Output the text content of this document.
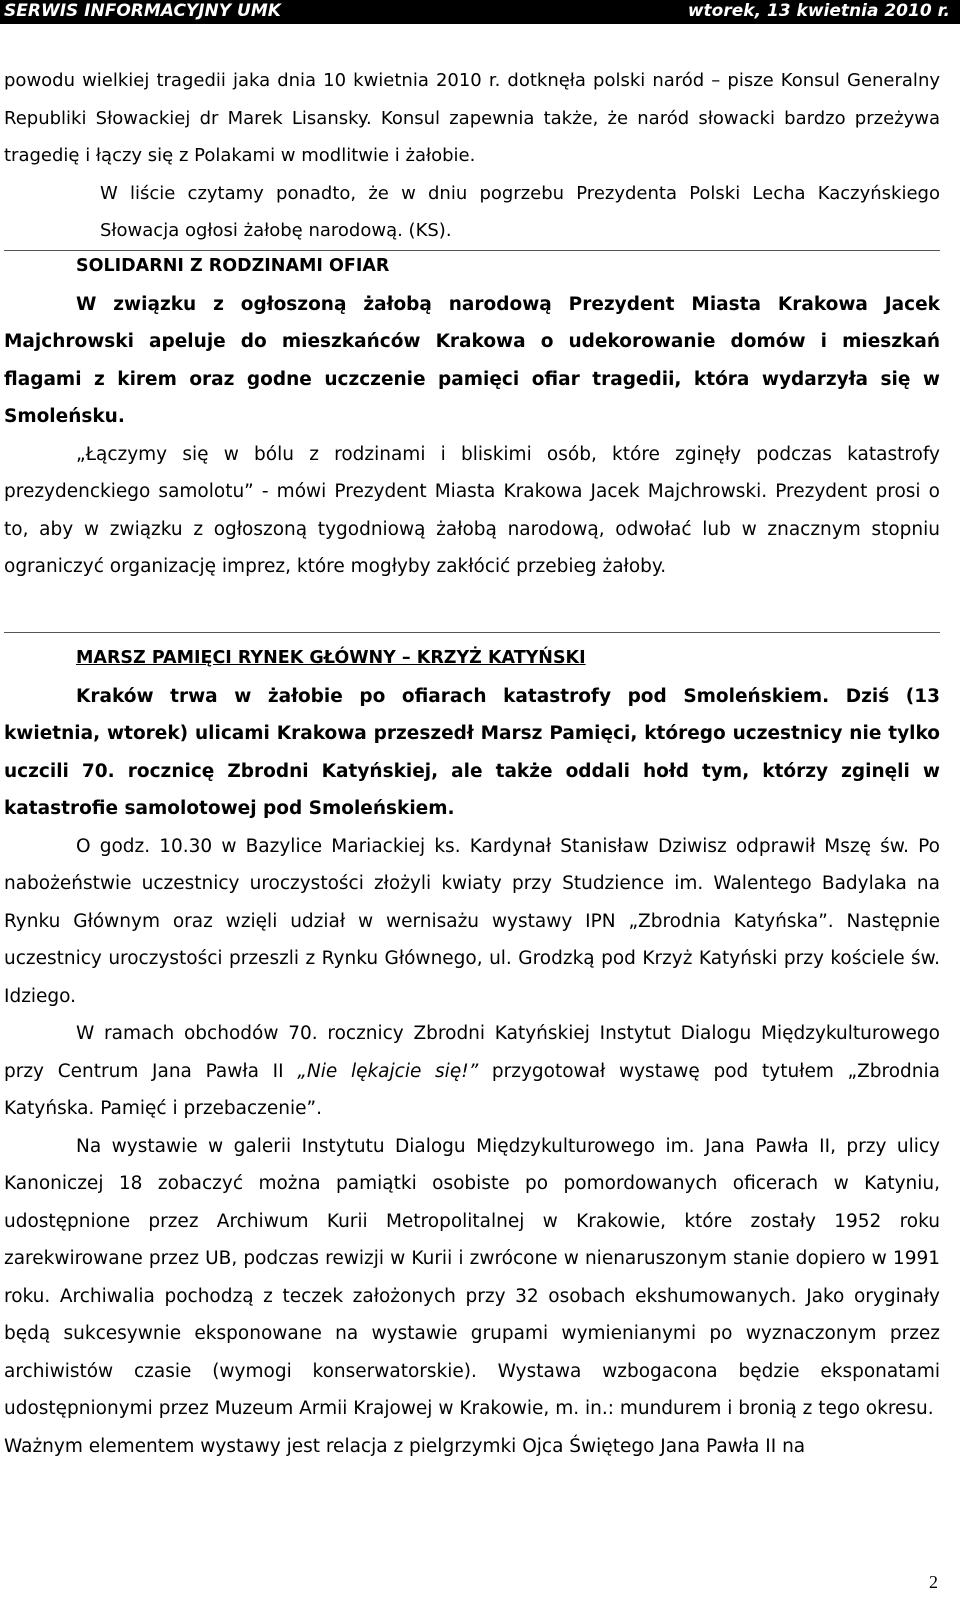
SERWIS INFORMACYJNY UMK	wtorek, 13 kwietnia 2010 r.

powodu wielkiej tragedii jaka dnia 10 kwietnia 2010 r. dotknęła polski naród – pisze Konsul Generalny Republiki Słowackiej dr Marek Lisansky. Konsul zapewnia także, że naród słowacki bardzo przeżywa tragedię i łączy się z Polakami w modlitwie i żałobie.

W liście czytamy ponadto, że w dniu pogrzebu Prezydenta Polski Lecha Kaczyńskiego Słowacja ogłosi żałobę narodową. (KS).

SOLIDARNI Z RODZINAMI OFIAR

W związku z ogłoszoną żałobą narodową Prezydent Miasta Krakowa Jacek Majchrowski apeluje do mieszkańców Krakowa o udekorowanie domów i mieszkań flagami z kirem oraz godne uczczenie pamięci ofiar tragedii, która wydarzyła się w Smoleńsku.

„Łączymy się w bólu z rodzinami i bliskimi osób, które zginęły podczas katastrofy prezydenckiego samolotu” - mówi Prezydent Miasta Krakowa Jacek Majchrowski. Prezydent prosi o to, aby w związku z ogłoszoną tygodniową żałobą narodową, odwołać lub w znacznym stopniu ograniczyć organizację imprez, które mogłyby zakłócić przebieg żałoby.

MARSZ PAMIĘCI RYNEK GŁÓWNY – KRZYŻ KATYŃSKI

Kraków trwa w żałobie po ofiarach katastrofy pod Smoleńskiem. Dziś (13 kwietnia, wtorek) ulicami Krakowa przeszedł Marsz Pamięci, którego uczestnicy nie tylko uczcili 70. rocznicę Zbrodni Katyńskiej, ale także oddali hołd tym, którzy zginęli w katastrofie samolotowej pod Smoleńskiem.

O godz. 10.30 w Bazylice Mariackiej ks. Kardynał Stanisław Dziwisz odprawił Mszę św. Po nabożeństwie uczestnicy uroczystości złożyli kwiaty przy Studzience im. Walentego Badylaka na Rynku Głównym oraz wzięli udział w wernisażu wystawy IPN „Zbrodnia Katyńska”. Następnie uczestnicy uroczystości przeszli z Rynku Głównego, ul. Grodzką pod Krzyż Katyński przy kościele św. Idziego.

W ramach obchodów 70. rocznicy Zbrodni Katyńskiej Instytut Dialogu Międzykulturowego przy Centrum Jana Pawła II „Nie lękajcie się!” przygotował wystawę pod tytułem „Zbrodnia Katyńska. Pamięć i przebaczenie”.

Na wystawie w galerii Instytutu Dialogu Międzykulturowego im. Jana Pawła II, przy ulicy Kanoniczej 18 zobaczyć można pamiątki osobiste po pomordowanych oficerach w Katyniu, udostępnione przez Archiwum Kurii Metropolitalnej w Krakowie, które zostały 1952 roku zarekwirowane przez UB, podczas rewizji w Kurii i zwrócone w nienaruszonym stanie dopiero w 1991 roku. Archiwalia pochodzą z teczek założonych przy 32 osobach ekshumowanych. Jako oryginały będą sukcesywnie eksponowane na wystawie grupami wymienianymi po wyznaczonym przez archiwistów czasie (wymogi konserwatorskie). Wystawa wzbogacona będzie eksponatami udostępnionymi przez Muzeum Armii Krajowej w Krakowie, m. in.: mundurem i bronią z tego okresu.

Ważnym elementem wystawy jest relacja z pielgrzymki Ojca Świętego Jana Pawła II na

2
